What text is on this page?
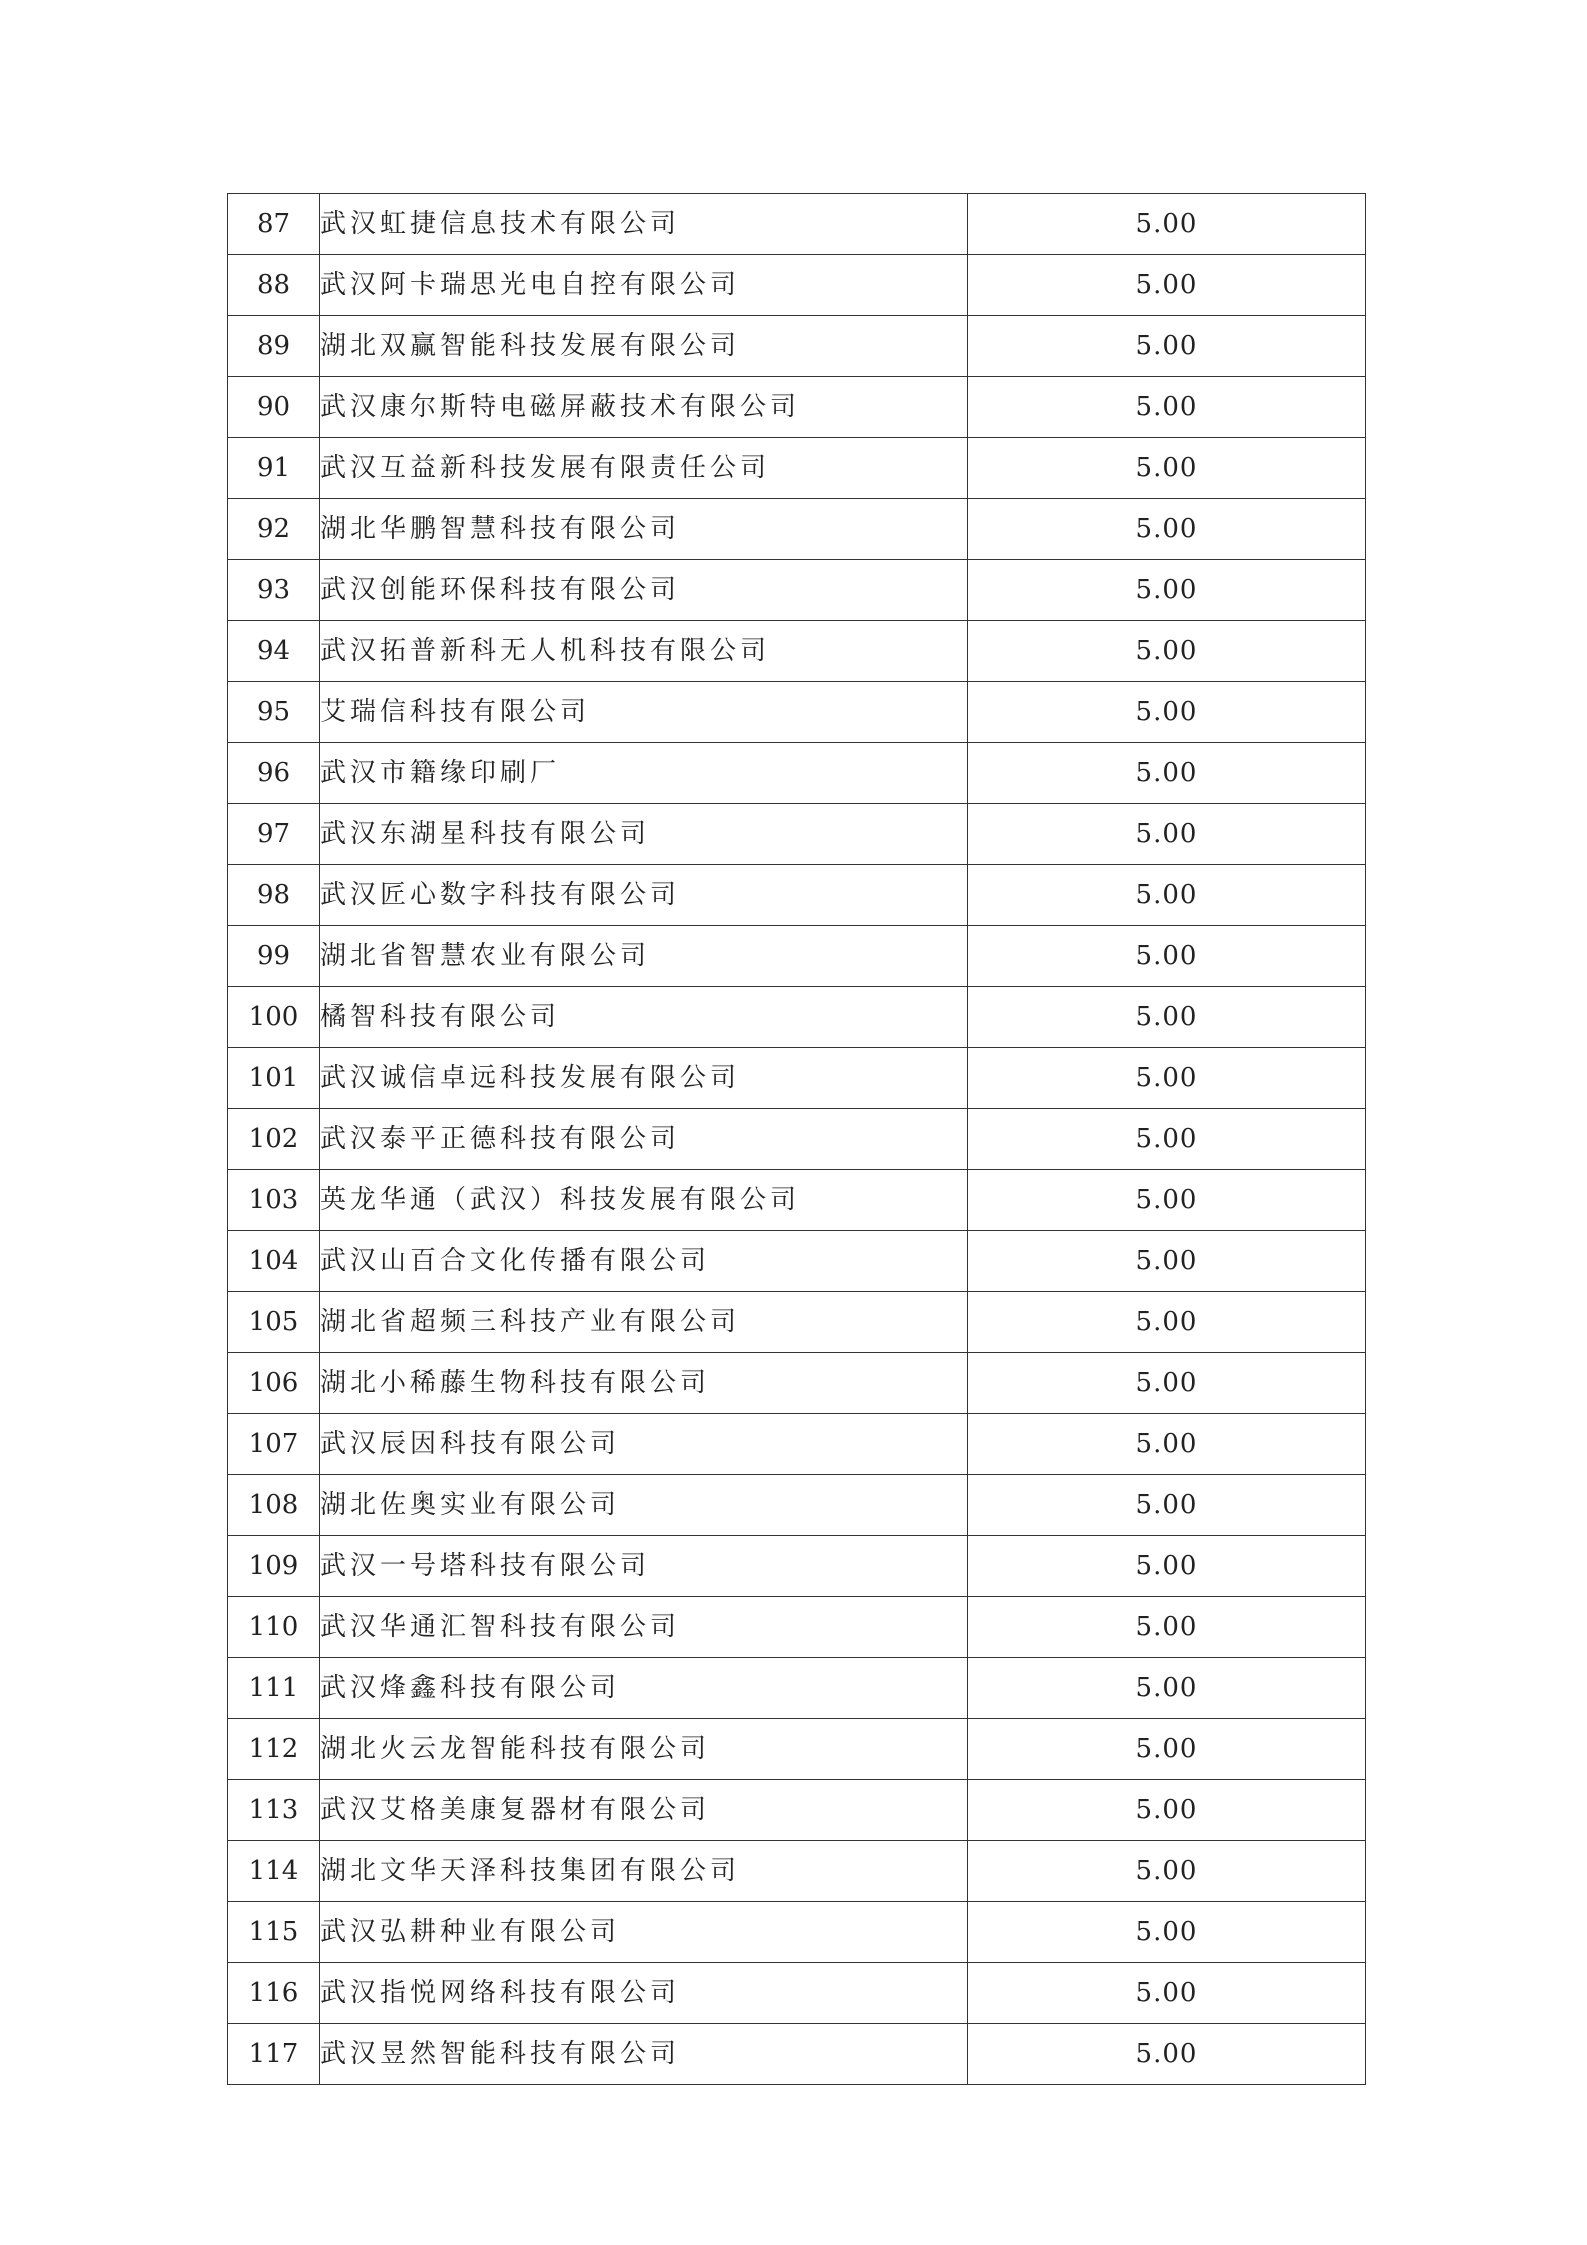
87	武汉虹捷信息技术有限公司	5.00
88	武汉阿卡瑞思光电自控有限公司	5.00
89	湖北双赢智能科技发展有限公司	5.00
90	武汉康尔斯特电磁屏蔽技术有限公司	5.00
91	武汉互益新科技发展有限责任公司	5.00
92	湖北华鹏智慧科技有限公司	5.00
93	武汉创能环保科技有限公司	5.00
94	武汉拓普新科无人机科技有限公司	5.00
95	艾瑞信科技有限公司	5.00
96	武汉市籍缘印刷厂	5.00
97	武汉东湖星科技有限公司	5.00
98	武汉匠心数字科技有限公司	5.00
99	湖北省智慧农业有限公司	5.00
100	橘智科技有限公司	5.00
101	武汉诚信卓远科技发展有限公司	5.00
102	武汉泰平正德科技有限公司	5.00
103	英龙华通（武汉）科技发展有限公司	5.00
104	武汉山百合文化传播有限公司	5.00
105	湖北省超频三科技产业有限公司	5.00
106	湖北小稀藤生物科技有限公司	5.00
107	武汉辰因科技有限公司	5.00
108	湖北佐奥实业有限公司	5.00
109	武汉一号塔科技有限公司	5.00
110	武汉华通汇智科技有限公司	5.00
111	武汉烽鑫科技有限公司	5.00
112	湖北火云龙智能科技有限公司	5.00
113	武汉艾格美康复器材有限公司	5.00
114	湖北文华天泽科技集团有限公司	5.00
115	武汉弘耕种业有限公司	5.00
116	武汉指悦网络科技有限公司	5.00
117	武汉昱然智能科技有限公司	5.00
